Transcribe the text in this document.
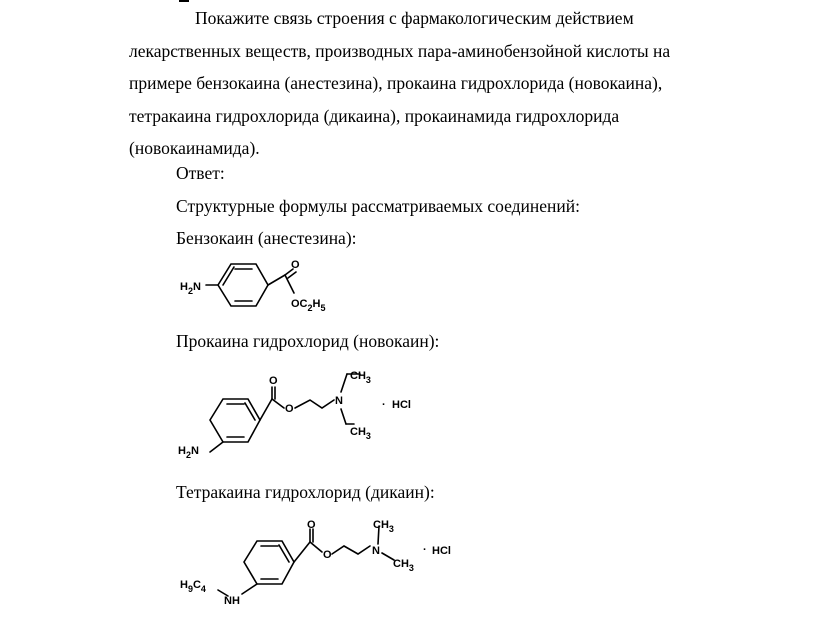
Покажите связь строения с фармакологическим действием
лекарственных веществ, производных пара-аминобензойной кислоты на
примере бензокаина (анестезина), прокаина гидрохлорида (новокаина),
тетракаина гидрохлорида (дикаина), прокаинамида гидрохлорида
(новокаинамида).

Ответ:
Структурные формулы рассматриваемых соединений:
Бензокаин (анестезина):
Прокаина гидрохлорид (новокаин):
Тетракаина гидрохлорид (дикаин):
$H_2N$
O
$OC_2H_5$
O
O
N
$CH_3$
$CH_3$
· HCl
$H_2N$
O
O	N
$CH_3$
$CH_3$
· HCl
$H_9C_4$
NH
